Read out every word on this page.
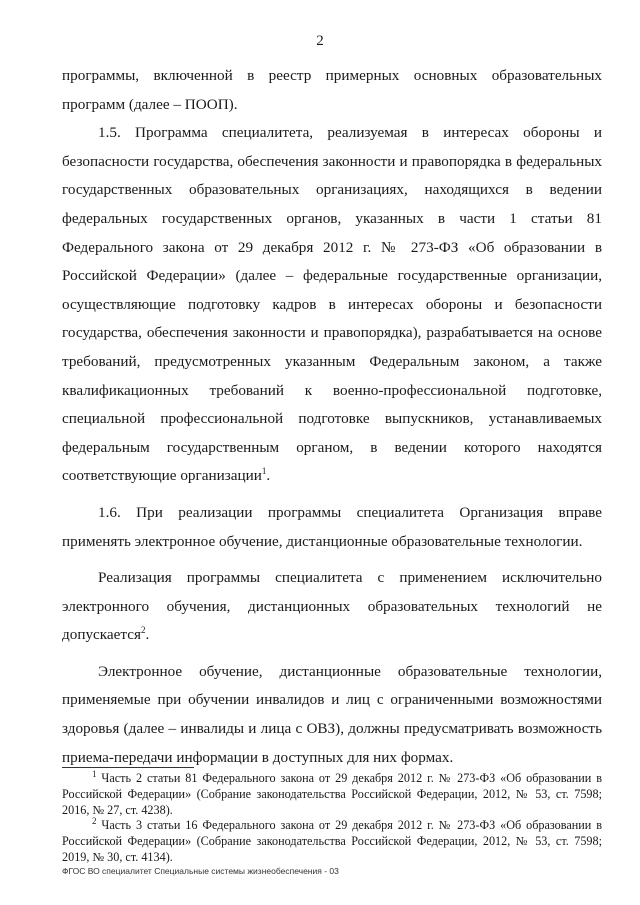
2

программы, включенной в реестр примерных основных образовательных программ (далее – ПООП).

1.5. Программа специалитета, реализуемая в интересах обороны и безопасности государства, обеспечения законности и правопорядка в федеральных государственных образовательных организациях, находящихся в ведении федеральных государственных органов, указанных в части 1 статьи 81 Федерального закона от 29 декабря 2012 г. № 273-ФЗ «Об образовании в Российской Федерации» (далее – федеральные государственные организации, осуществляющие подготовку кадров в интересах обороны и безопасности государства, обеспечения законности и правопорядка), разрабатывается на основе требований, предусмотренных указанным Федеральным законом, а также квалификационных требований к военно-профессиональной подготовке, специальной профессиональной подготовке выпускников, устанавливаемых федеральным государственным органом, в ведении которого находятся соответствующие организации$^1$.

1.6. При реализации программы специалитета Организация вправе применять электронное обучение, дистанционные образовательные технологии.

Реализация программы специалитета с применением исключительно электронного обучения, дистанционных образовательных технологий не допускается$^2$.

Электронное обучение, дистанционные образовательные технологии, применяемые при обучении инвалидов и лиц с ограниченными возможностями здоровья (далее – инвалиды и лица с ОВЗ), должны предусматривать возможность приема-передачи информации в доступных для них формах.

$^1$ Часть 2 статьи 81 Федерального закона от 29 декабря 2012 г. № 273-ФЗ «Об образовании в Российской Федерации» (Собрание законодательства Российской Федерации, 2012, № 53, ст. 7598; 2016, № 27, ст. 4238).

$^2$ Часть 3 статьи 16 Федерального закона от 29 декабря 2012 г. № 273-ФЗ «Об образовании в Российской Федерации» (Собрание законодательства Российской Федерации, 2012, № 53, ст. 7598; 2019, № 30, ст. 4134).

ФГОС ВО специалитет Специальные системы жизнеобеспечения - 03
